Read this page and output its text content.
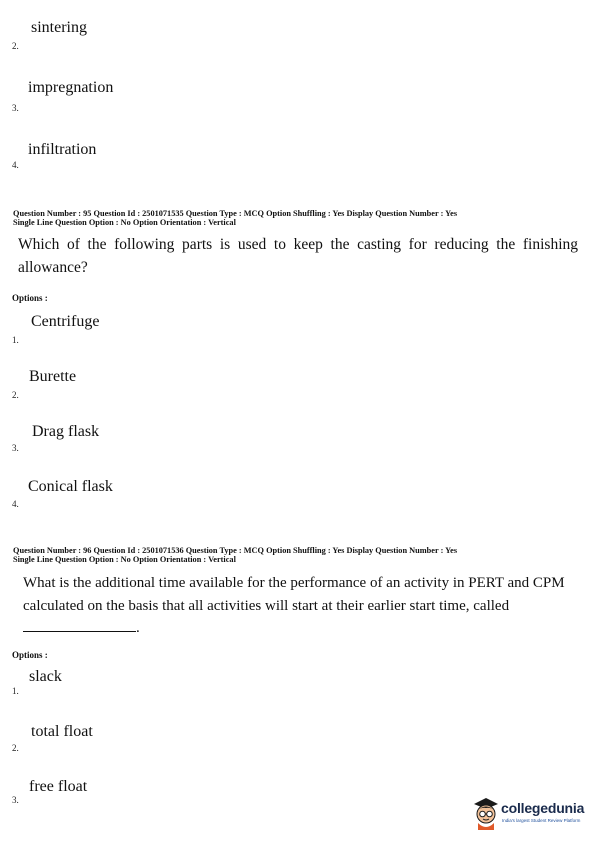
sintering
2.
impregnation
3.
infiltration
4.
Question Number : 95 Question Id : 2501071535 Question Type : MCQ Option Shuffling : Yes Display Question Number : Yes
Single Line Question Option : No Option Orientation : Vertical
Which of the following parts is used to keep the casting for reducing the finishing allowance?
Options :
Centrifuge
1.
Burette
2.
Drag flask
3.
Conical flask
4.
Question Number : 96 Question Id : 2501071536 Question Type : MCQ Option Shuffling : Yes Display Question Number : Yes
Single Line Question Option : No Option Orientation : Vertical
What is the additional time available for the performance of an activity in PERT and CPM calculated on the basis that all activities will start at their earlier start time, called
.
Options :
slack
1.
total float
2.
free float
3.	collegedunia
India's largest Student Review Platform
